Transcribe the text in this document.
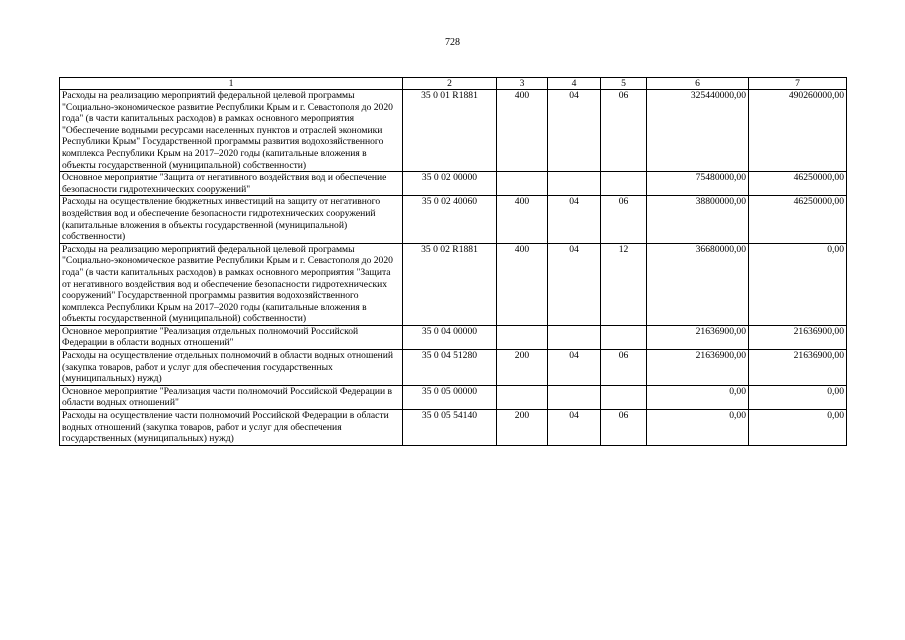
728
1	2	3	4	5	6	7
Расходы на реализацию мероприятий федеральной целевой программы "Социально-экономическое развитие Республики Крым и г. Севастополя до 2020 года" (в части капитальных расходов) в рамках основного мероприятия "Обеспечение водными ресурсами населенных пунктов и отраслей экономики Республики Крым" Государственной программы развития водохозяйственного комплекса Республики Крым на 2017–2020 годы (капитальные вложения в объекты государственной (муниципальной) собственности)	35 0 01 R1881	400	04	06	325440000,00	490260000,00
Основное мероприятие "Защита от негативного воздействия вод и обеспечение безопасности гидротехнических сооружений"	35 0 02 00000				75480000,00	46250000,00
Расходы на осуществление бюджетных инвестиций на защиту от негативного воздействия вод и обеспечение безопасности гидротехнических сооружений (капитальные вложения в объекты государственной (муниципальной) собственности)	35 0 02 40060	400	04	06	38800000,00	46250000,00
Расходы на реализацию мероприятий федеральной целевой программы "Социально-экономическое развитие Республики Крым и г. Севастополя до 2020 года" (в части капитальных расходов) в рамках основного мероприятия "Защита от негативного воздействия вод и обеспечение безопасности гидротехнических сооружений" Государственной программы развития водохозяйственного комплекса Республики Крым на 2017–2020 годы (капитальные вложения в объекты государственной (муниципальной) собственности)	35 0 02 R1881	400	04	12	36680000,00	0,00
Основное мероприятие "Реализация отдельных полномочий Российской Федерации в области водных отношений"	35 0 04 00000				21636900,00	21636900,00
Расходы на осуществление отдельных полномочий в области водных отношений (закупка товаров, работ и услуг для обеспечения государственных (муниципальных) нужд)	35 0 04 51280	200	04	06	21636900,00	21636900,00
Основное мероприятие "Реализация части полномочий Российской Федерации в области водных отношений"	35 0 05 00000				0,00	0,00
Расходы на осуществление части полномочий Российской Федерации в области водных отношений (закупка товаров, работ и услуг для обеспечения государственных (муниципальных) нужд)	35 0 05 54140	200	04	06	0,00	0,00
